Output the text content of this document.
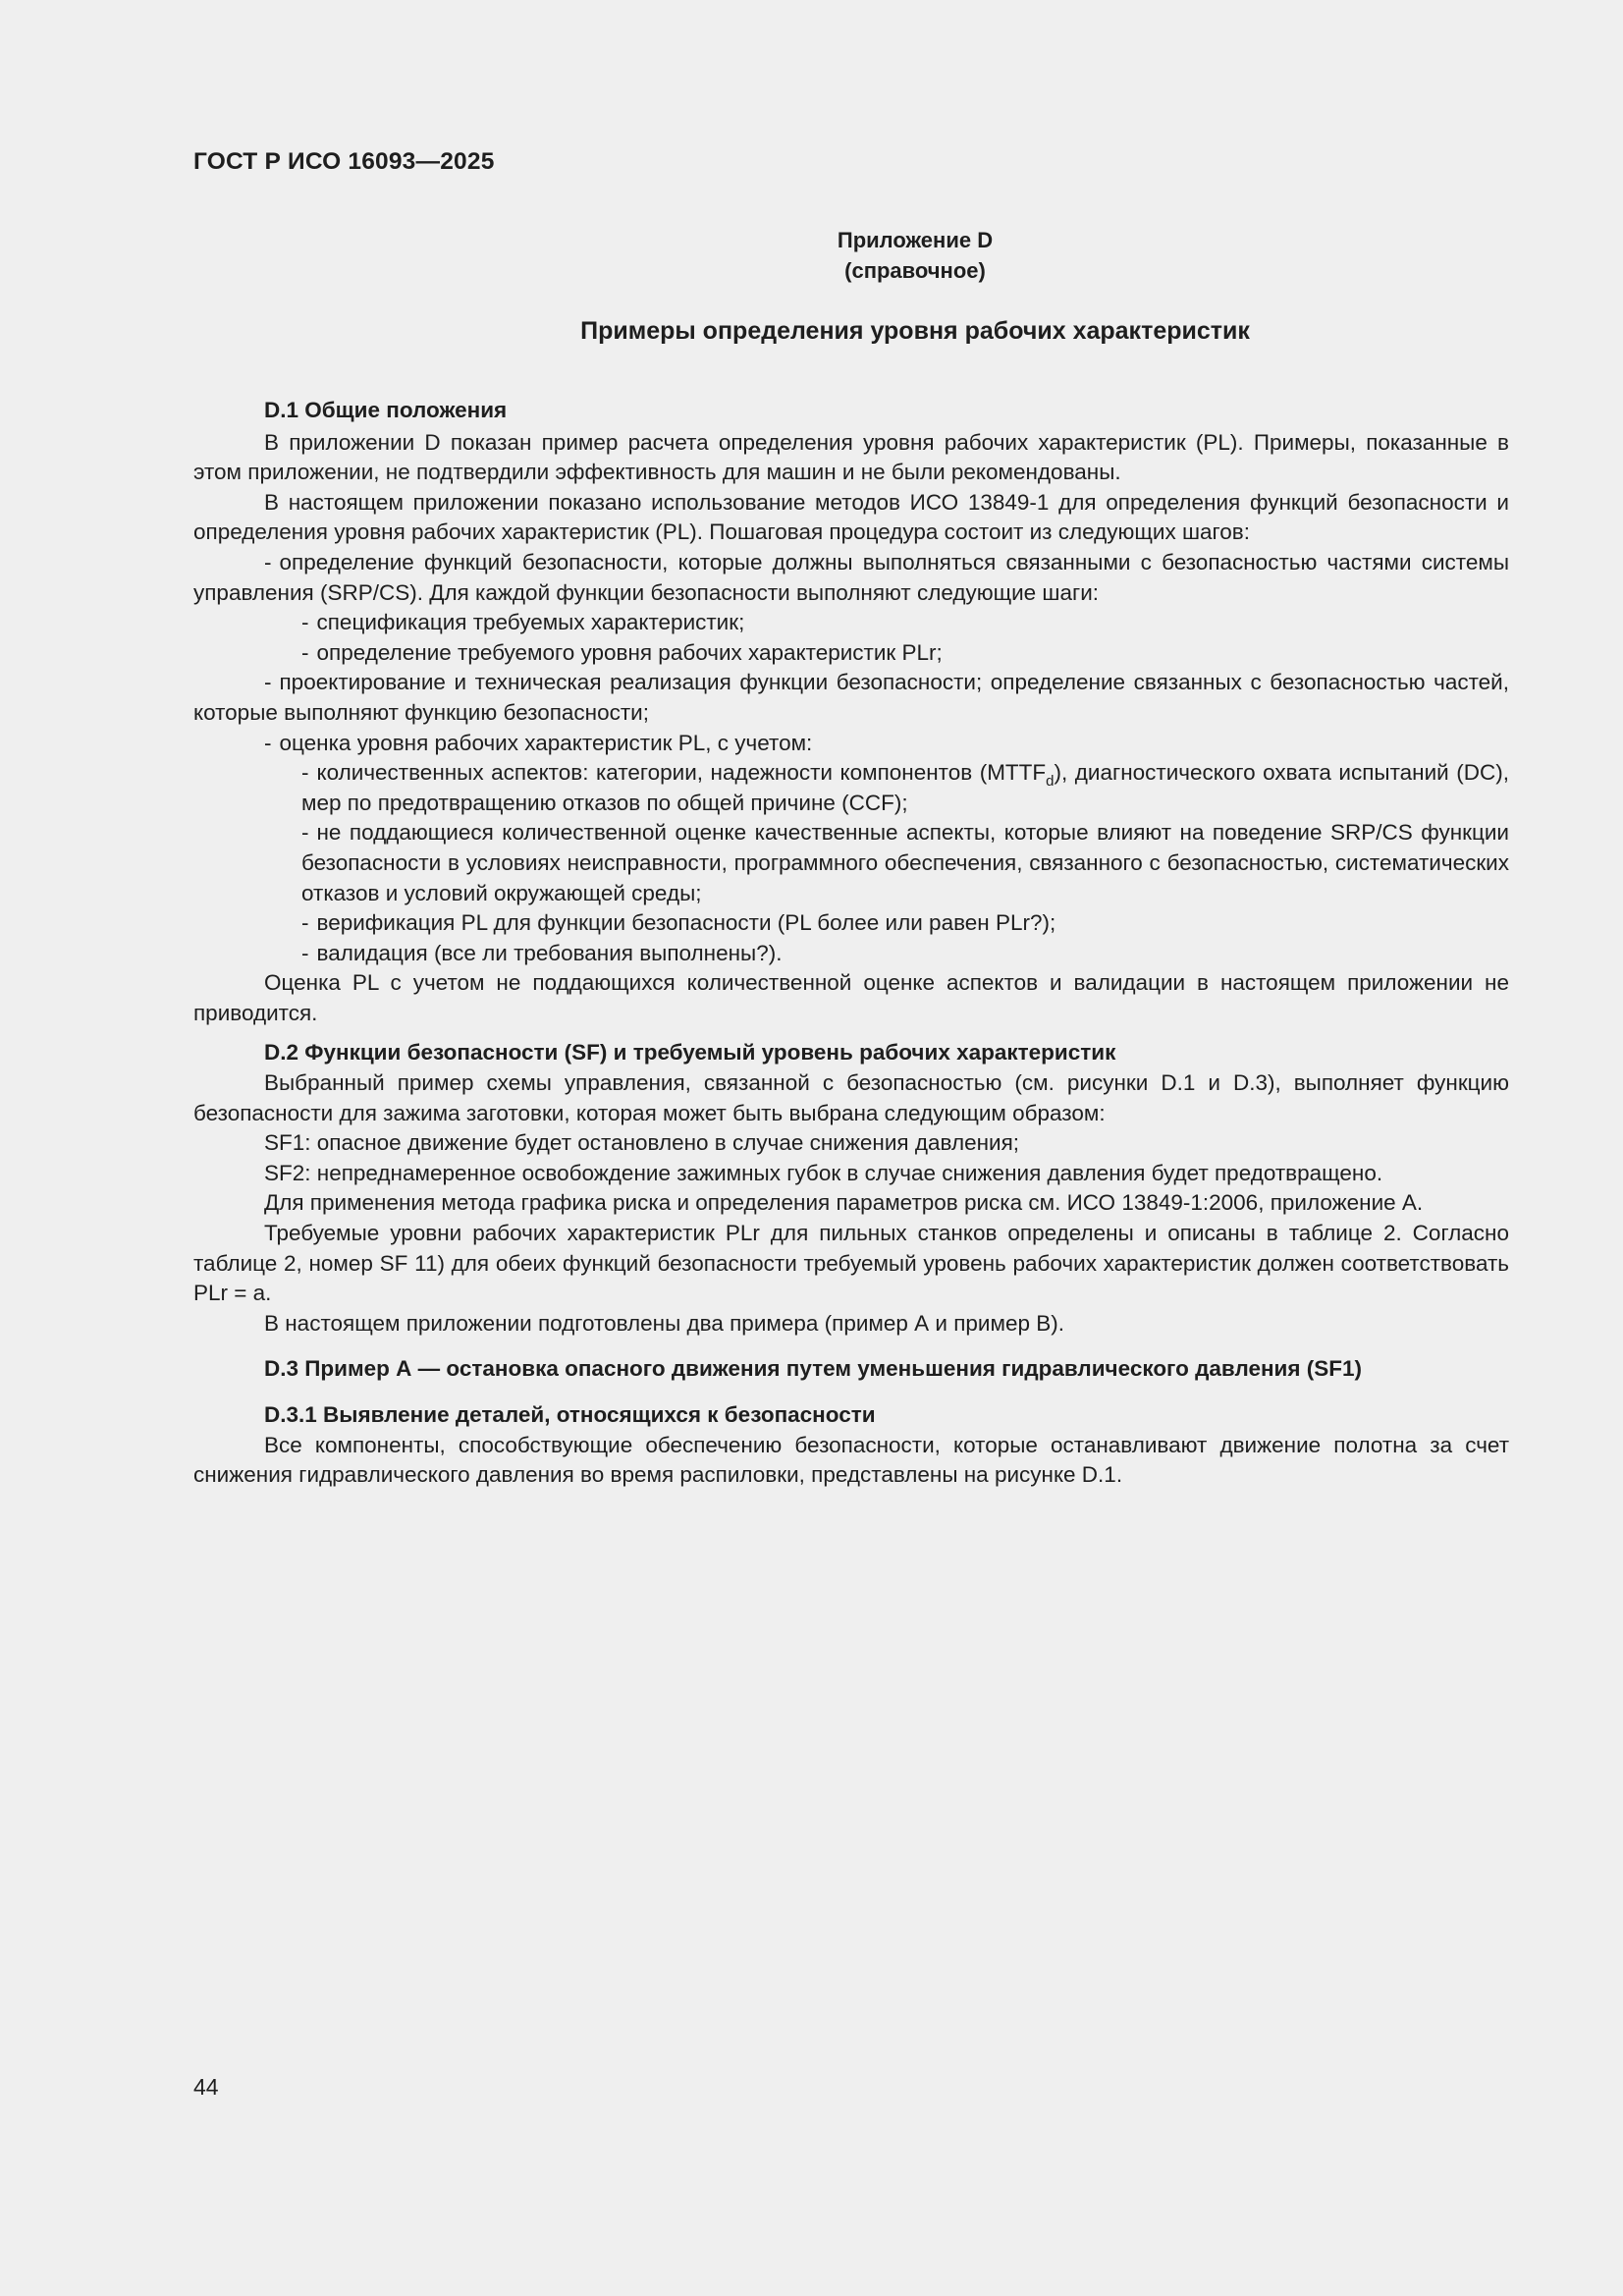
ГОСТ Р ИСО 16093—2025
Приложение D
(справочное)
Примеры определения уровня рабочих характеристик

D.1 Общие положения

В приложении D показан пример расчета определения уровня рабочих характеристик (PL). Примеры, показанные в этом приложении, не подтвердили эффективность для машин и не были рекомендованы.

В настоящем приложении показано использование методов ИСО 13849-1 для определения функций безопасности и определения уровня рабочих характеристик (PL). Пошаговая процедура состоит из следующих шагов:

- определение функций безопасности, которые должны выполняться связанными с безопасностью частями системы управления (SRP/CS). Для каждой функции безопасности выполняют следующие шаги:

- спецификация требуемых характеристик;

- определение требуемого уровня рабочих характеристик PLr;

- проектирование и техническая реализация функции безопасности; определение связанных с безопасностью частей, которые выполняют функцию безопасности;

- оценка уровня рабочих характеристик PL, с учетом:

- количественных аспектов: категории, надежности компонентов $(MTTF_d)$, диагностического охвата испытаний (DC), мер по предотвращению отказов по общей причине (CCF);

- не поддающиеся количественной оценке качественные аспекты, которые влияют на поведение SRP/CS функции безопасности в условиях неисправности, программного обеспечения, связанного с безопасностью, систематических отказов и условий окружающей среды;

- верификация PL для функции безопасности (PL более или равен PLr?);

- валидация (все ли требования выполнены?).

Оценка PL с учетом не поддающихся количественной оценке аспектов и валидации в настоящем приложении не приводится.

D.2 Функции безопасности (SF) и требуемый уровень рабочих характеристик

Выбранный пример схемы управления, связанной с безопасностью (см. рисунки D.1 и D.3), выполняет функцию безопасности для зажима заготовки, которая может быть выбрана следующим образом:

SF1: опасное движение будет остановлено в случае снижения давления;

SF2: непреднамеренное освобождение зажимных губок в случае снижения давления будет предотвращено.

Для применения метода графика риска и определения параметров риска см. ИСО 13849-1:2006, приложение А.

Требуемые уровни рабочих характеристик PLr для пильных станков определены и описаны в таблице 2. Согласно таблице 2, номер SF 11) для обеих функций безопасности требуемый уровень рабочих характеристик должен соответствовать PLr = a.

В настоящем приложении подготовлены два примера (пример А и пример В).

D.3 Пример А — остановка опасного движения путем уменьшения гидравлического давления (SF1)

D.3.1 Выявление деталей, относящихся к безопасности

Все компоненты, способствующие обеспечению безопасности, которые останавливают движение полотна за счет снижения гидравлического давления во время распиловки, представлены на рисунке D.1.

44
